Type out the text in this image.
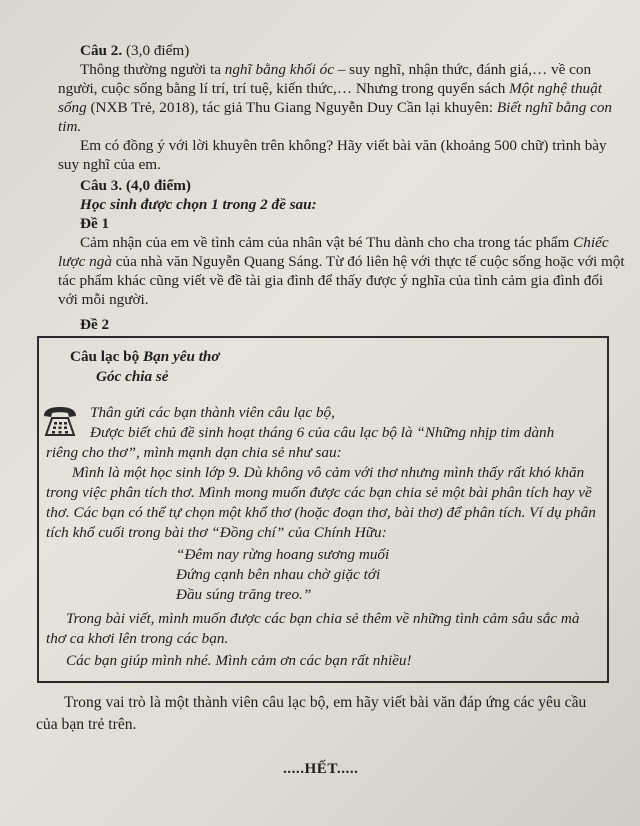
Câu 2. (3,0 điểm)
Thông thường người ta nghĩ bằng khối óc – suy nghĩ, nhận thức, đánh giá,… về con
người, cuộc sống bằng lí trí, trí tuệ, kiến thức,… Nhưng trong quyển sách Một nghệ thuật
sống (NXB Trẻ, 2018), tác giả Thu Giang Nguyễn Duy Cần lại khuyên: Biết nghĩ bằng con
tim.
Em có đồng ý với lời khuyên trên không? Hãy viết bài văn (khoảng 500 chữ) trình bày
suy nghĩ của em.
Câu 3. (4,0 điểm)
Học sinh được chọn 1 trong 2 đề sau:
Đề 1
Cảm nhận của em về tình cảm của nhân vật bé Thu dành cho cha trong tác phẩm Chiếc
lược ngà của nhà văn Nguyễn Quang Sáng. Từ đó liên hệ với thực tế cuộc sống hoặc với một
tác phẩm khác cũng viết về đề tài gia đình để thấy được ý nghĩa của tình cảm gia đình đối
với mỗi người.
Đề 2
Câu lạc bộ Bạn yêu thơ
Góc chia sẻ
Thân gửi các bạn thành viên câu lạc bộ,
Được biết chủ đề sinh hoạt tháng 6 của câu lạc bộ là “Những nhịp tim dành
riêng cho thơ”, mình mạnh dạn chia sẻ như sau:
Mình là một học sinh lớp 9. Dù không vô cảm với thơ nhưng mình thấy rất khó khăn
trong việc phân tích thơ. Mình mong muốn được các bạn chia sẻ một bài phân tích hay về
thơ. Các bạn có thể tự chọn một khổ thơ (hoặc đoạn thơ, bài thơ) để phân tích. Ví dụ phân
tích khổ cuối trong bài thơ “Đồng chí” của Chính Hữu:
“Đêm nay rừng hoang sương muối
Đứng cạnh bên nhau chờ giặc tới
Đầu súng trăng treo.”
Trong bài viết, mình muốn được các bạn chia sẻ thêm về những tình cảm sâu sắc mà
thơ ca khơi lên trong các bạn.
Các bạn giúp mình nhé. Mình cảm ơn các bạn rất nhiều!
Trong vai trò là một thành viên câu lạc bộ, em hãy viết bài văn đáp ứng các yêu cầu
của bạn trẻ trên.
.....HẾT.....
